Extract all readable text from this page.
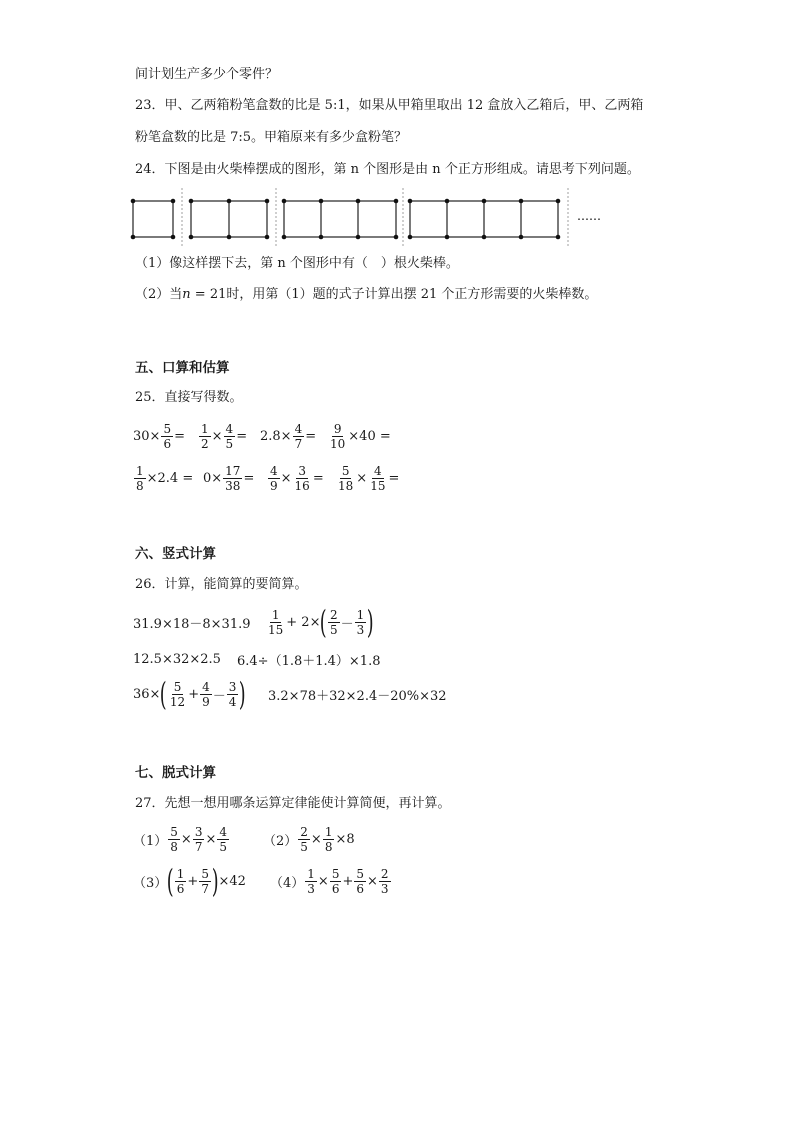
间计划生产多少个零件？
23．甲、乙两箱粉笔盒数的比是 5:1，如果从甲箱里取出 12 盒放入乙箱后，甲、乙两箱
粉笔盒数的比是 7:5。甲箱原来有多少盒粉笔？
24．下图是由火柴棒摆成的图形，第 n 个图形是由 n 个正方形组成。请思考下列问题。
……
（1）像这样摆下去，第 n 个图形中有（　）根火柴棒。
（2）当n = 21时，用第（1）题的式子计算出摆 21 个正方形需要的火柴棒数。
五、口算和估算
25．直接写得数。
$30\times \frac{5}{6} = \frac{1}{2} \times \frac{4}{5} = 2.8\times \frac{4}{7} = \frac{9}{10} \times 40$ =
$\frac{1}{8} \times 2.4 = 0\times \frac{17}{38} = \frac{4}{9} \times \frac{3}{16} = \frac{5}{18} \times \frac{4}{15}$ =
六、竖式计算
26．计算，能简算的要简算。
$31.9\times 18-8\times 31.9 \frac{1}{15} + 2\times$ ( $\frac{2}{5} - \frac{1}{3}$ )
12.5×32×2.5 6.4÷（1.8＋1.4）×1.8
36× ( $\frac{5}{12} + \frac{4}{9} - \frac{3}{4}$ ) 3.2×78＋32×2.4－20%×32
七、脱式计算
27．先想一想用哪条运算定律能使计算简便，再计算。
$(1) \frac{5}{8} \times \frac{3}{7} \times \frac{4}{5}$	$(2) \frac{2}{5} \times \frac{1}{8} \times 8$
（3） ( $\frac{1}{6} + \frac{5}{7}$ ) ×42 $(4) \frac{1}{3} \times \frac{5}{6} + \frac{5}{6} \times \frac{2}{3}$
